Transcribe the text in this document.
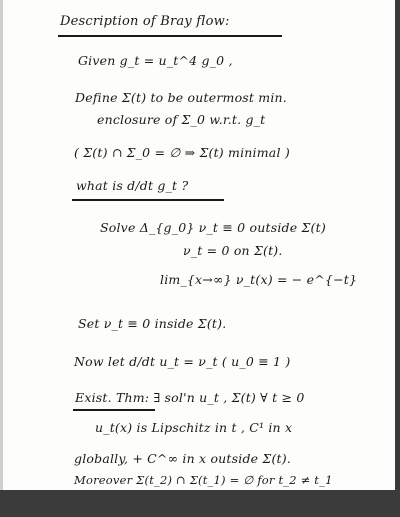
Description of Bray flow:
Given g_t = u_t^4 g_0 ,
Define Σ(t) to be outermost min.
enclosure of Σ_0 w.r.t. g_t
( Σ(t) ∩ Σ_0 = ∅ ⇒ Σ(t) minimal )
what is d/dt g_t ?
Solve Δ_{g_0} ν_t ≡ 0 outside Σ(t)
ν_t = 0 on Σ(t).
lim_{x→∞} ν_t(x) = − e^{−t}
Set ν_t ≡ 0 inside Σ(t).
Now let d/dt u_t = ν_t ( u_0 ≡ 1 )
Exist. Thm: ∃ sol'n u_t , Σ(t) ∀ t ≥ 0
u_t(x) is Lipschitz in t , C¹ in x
globally, + C^∞ in x outside Σ(t).
Moreover Σ(t_2) ∩ Σ(t_1) = ∅ for t_2 ≠ t_1
